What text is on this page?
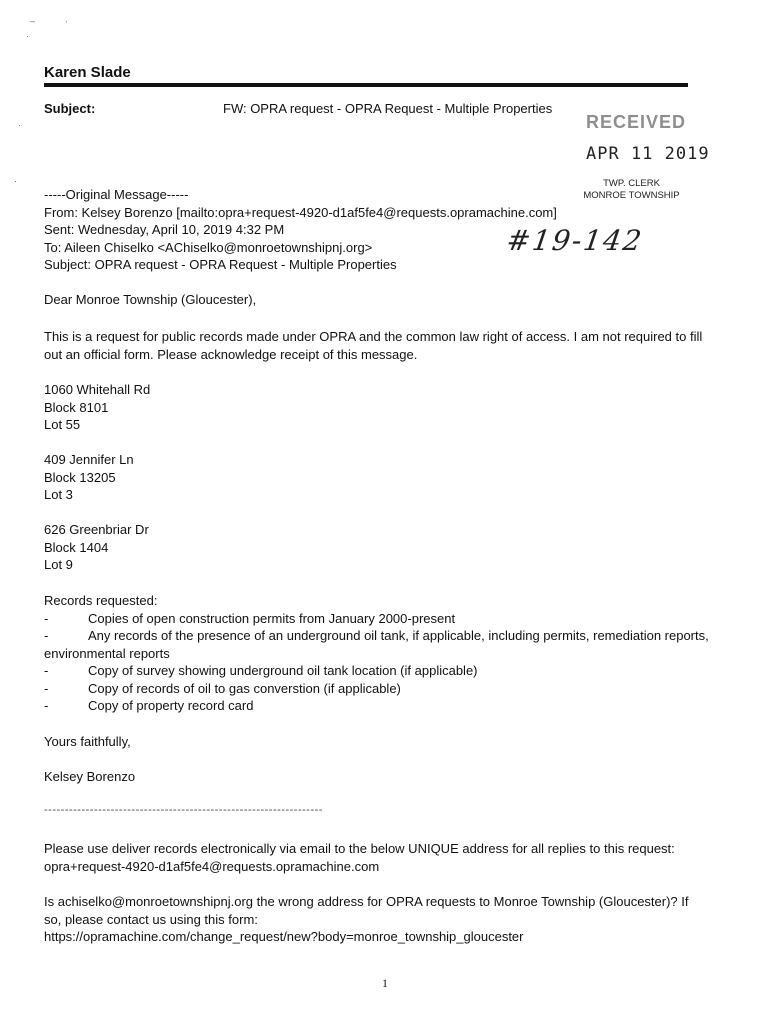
–	ˋ
·
·
·
Karen Slade
Subject:	FW: OPRA request - OPRA Request - Multiple Properties
RECEIVED
APR 11 2019
TWP. CLERK
MONROE TOWNSHIP
#19-142

-----Original Message-----

From: Kelsey Borenzo [mailto:opra+request-4920-d1af5fe4@requests.opramachine.com]

Sent: Wednesday, April 10, 2019 4:32 PM

To: Aileen Chiselko <AChiselko@monroetownshipnj.org>

Subject: OPRA request - OPRA Request - Multiple Properties

Dear Monroe Township (Gloucester),
This is a request for public records made under OPRA and the common law right of access. I am not required to fill out an official form. Please acknowledge receipt of this message.

1060 Whitehall Rd

Block 8101

Lot 55

409 Jennifer Ln

Block 13205

Lot 3

626 Greenbriar Dr

Block 1404

Lot 9

Records requested:

-	Copies of open construction permits from January 2000-present

-	Any records of the presence of an underground oil tank, if applicable, including permits, remediation reports, environmental reports

-	Copy of survey showing underground oil tank location (if applicable)

-	Copy of records of oil to gas converstion (if applicable)

-	Copy of property record card

Yours faithfully,
Kelsey Borenzo
-------------------------------------------------------------------

Please use deliver records electronically via email to the below UNIQUE address for all replies to this request:

opra+request-4920-d1af5fe4@requests.opramachine.com

Is achiselko@monroetownshipnj.org the wrong address for OPRA requests to Monroe Township (Gloucester)? If so, please contact us using this form:

https://opramachine.com/change_request/new?body=monroe_township_gloucester

1
